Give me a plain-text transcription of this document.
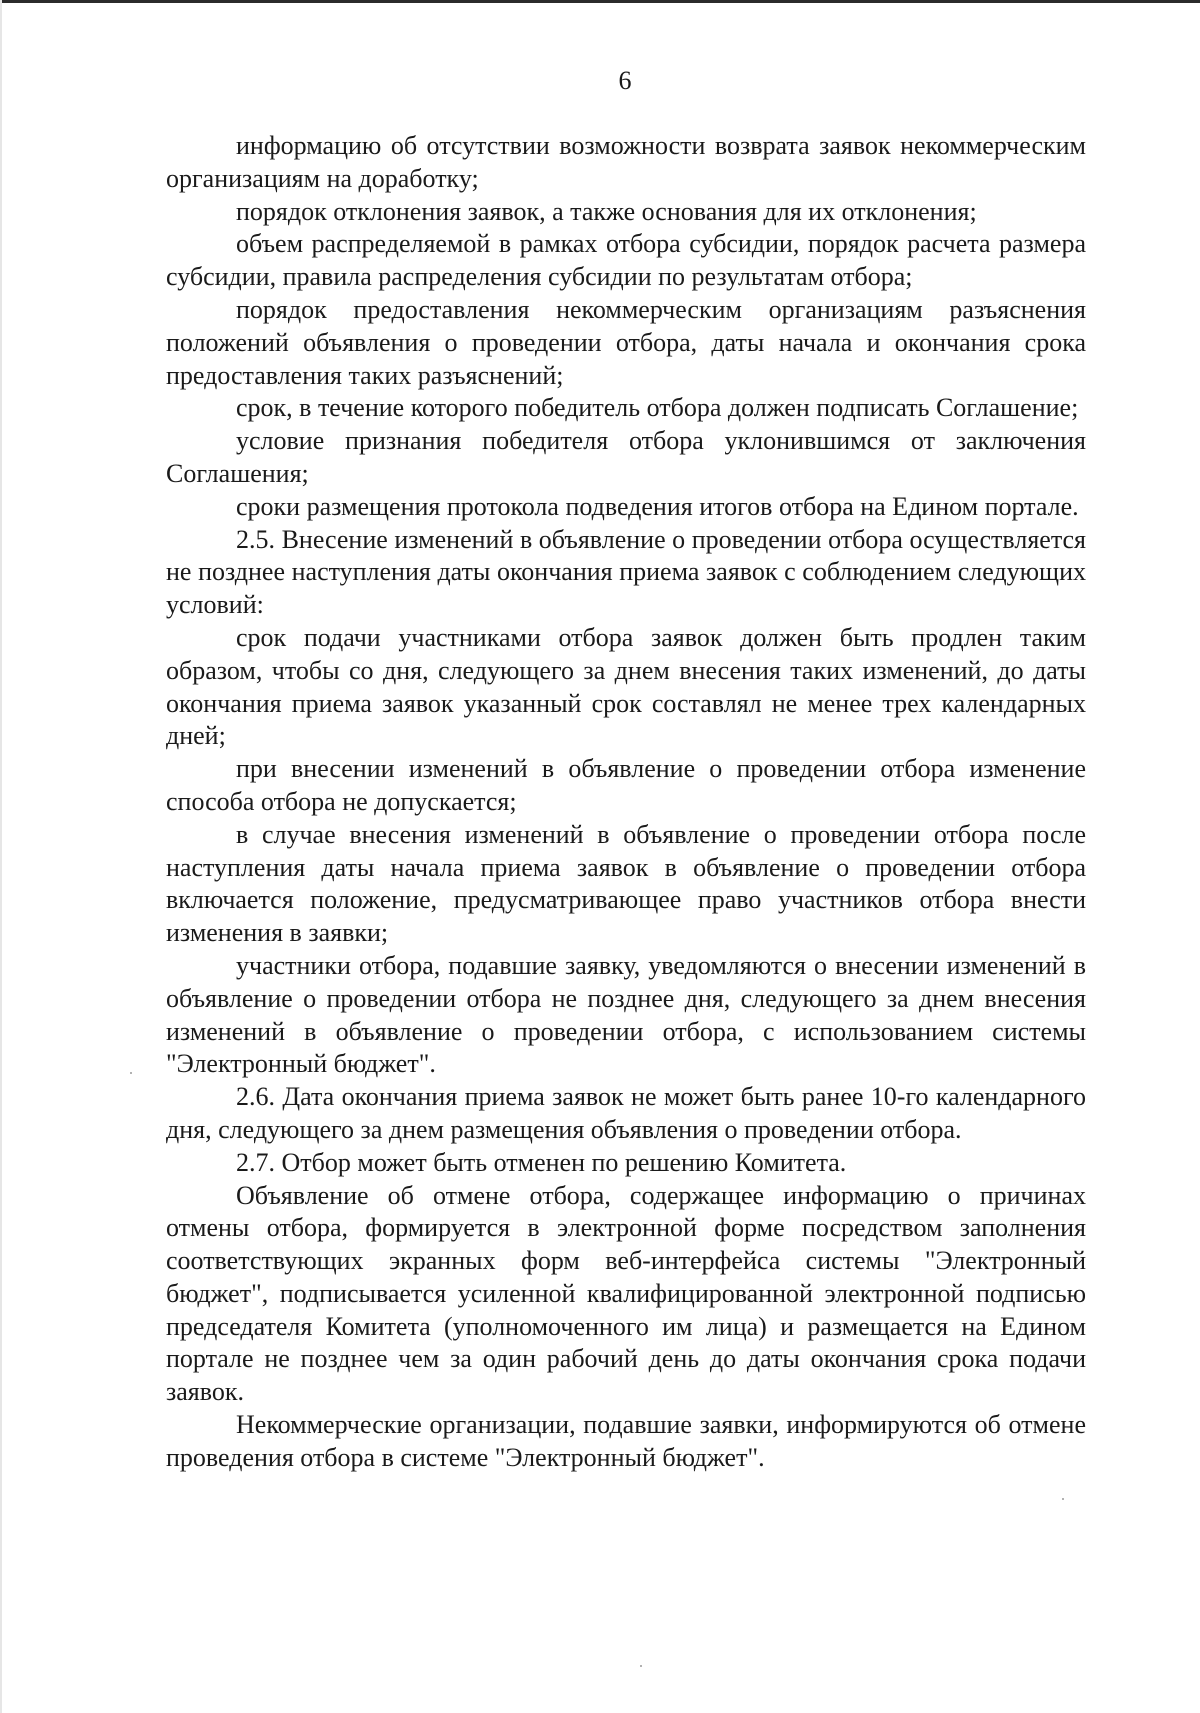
6

информацию об отсутствии возможности возврата заявок некоммерческим организациям на доработку;

порядок отклонения заявок, а также основания для их отклонения;

объем распределяемой в рамках отбора субсидии, порядок расчета размера субсидии, правила распределения субсидии по результатам отбора;

порядок предоставления некоммерческим организациям разъяснения положений объявления о проведении отбора, даты начала и окончания срока предоставления таких разъяснений;

срок, в течение которого победитель отбора должен подписать Соглашение;

условие признания победителя отбора уклонившимся от заключения Соглашения;

сроки размещения протокола подведения итогов отбора на Едином портале.

2.5. Внесение изменений в объявление о проведении отбора осуществляется не позднее наступления даты окончания приема заявок с соблюдением следующих условий:

срок подачи участниками отбора заявок должен быть продлен таким образом, чтобы со дня, следующего за днем внесения таких изменений, до даты окончания приема заявок указанный срок составлял не менее трех календарных дней;

при внесении изменений в объявление о проведении отбора изменение способа отбора не допускается;

в случае внесения изменений в объявление о проведении отбора после наступления даты начала приема заявок в объявление о проведении отбора включается положение, предусматривающее право участников отбора внести изменения в заявки;

участники отбора, подавшие заявку, уведомляются о внесении изменений в объявление о проведении отбора не позднее дня, следующего за днем внесения изменений в объявление о проведении отбора, с использованием системы "Электронный бюджет".

2.6. Дата окончания приема заявок не может быть ранее 10-го календарного дня, следующего за днем размещения объявления о проведении отбора.

2.7. Отбор может быть отменен по решению Комитета.

Объявление об отмене отбора, содержащее информацию о причинах отмены отбора, формируется в электронной форме посредством заполнения соответствующих экранных форм веб-интерфейса системы "Электронный бюджет", подписывается усиленной квалифицированной электронной подписью председателя Комитета (уполномоченного им лица) и размещается на Едином портале не позднее чем за один рабочий день до даты окончания срока подачи заявок.

Некоммерческие организации, подавшие заявки, информируются об отмене проведения отбора в системе "Электронный бюджет".
